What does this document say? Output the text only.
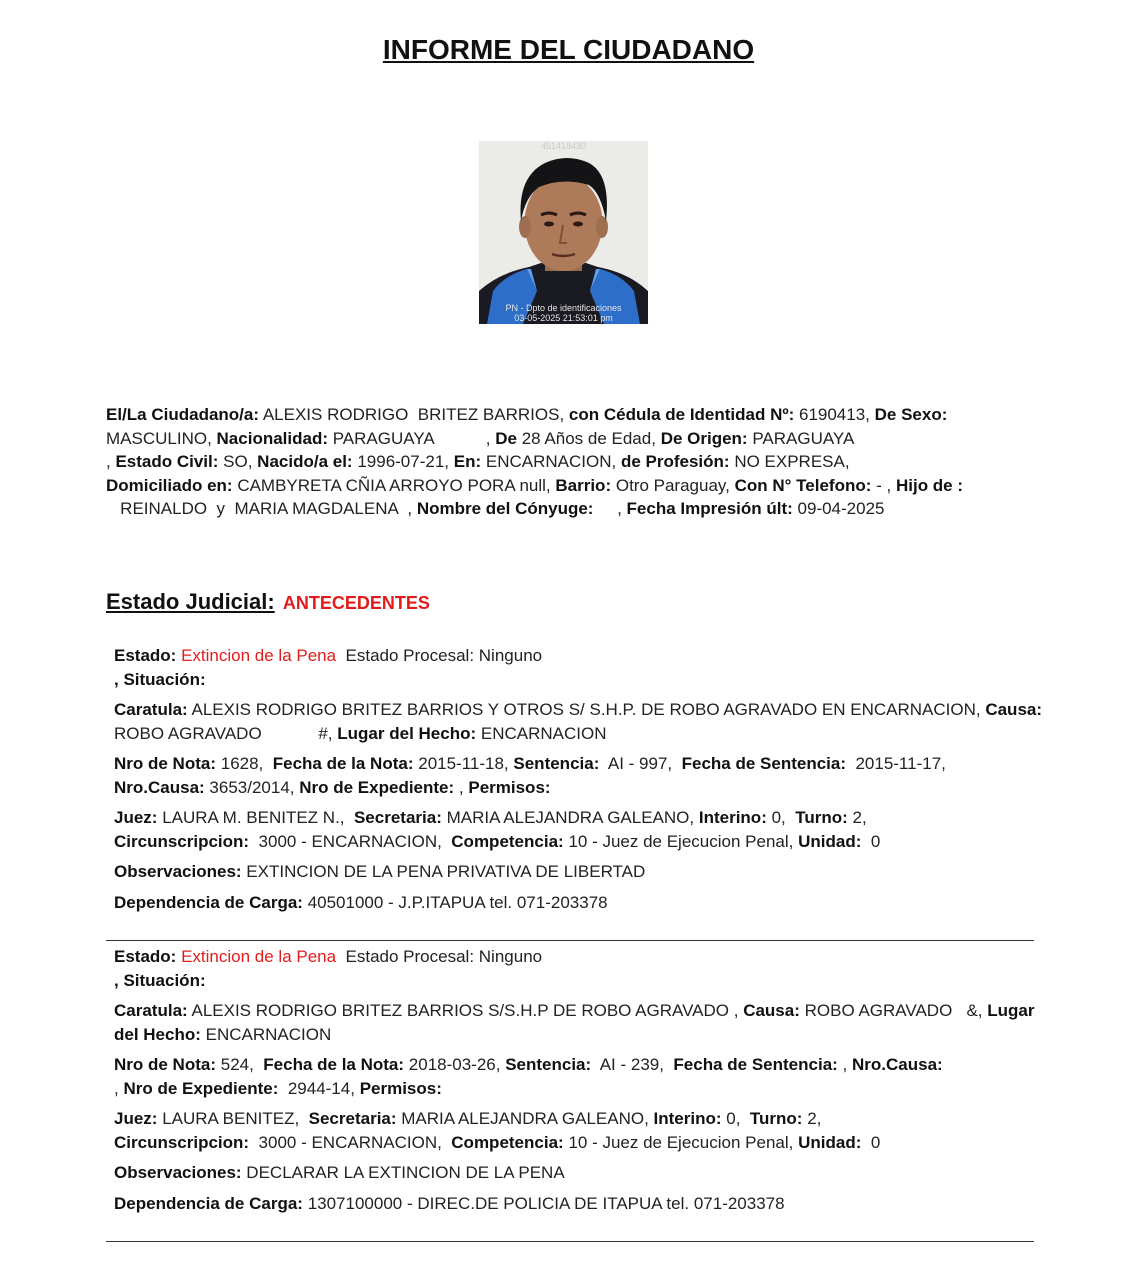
INFORME DEL CIUDADANO
451418430
PN - Dpto de identificaciones
03-05-2025 21:53:01 pm
El/La Ciudadano/a: ALEXIS RODRIGO  BRITEZ BARRIOS, con Cédula de Identidad Nº: 6190413, De Sexo: MASCULINO, Nacionalidad: PARAGUAYA	, De 28 Años de Edad, De Origen: PARAGUAYA
, Estado Civil: SO, Nacido/a el: 1996-07-21, En: ENCARNACION, de Profesión: NO EXPRESA,
Domiciliado en: CAMBYRETA CÑIA ARROYO PORA null, Barrio: Otro Paraguay, Con N° Telefono: - , Hijo de :   REINALDO  y  MARIA MAGDALENA , Nombre del Cónyuge: , Fecha Impresión últ: 09-04-2025
Estado Judicial: ANTECEDENTES

Estado: Extincion de la Pena Estado Procesal: Ninguno
, Situación:

Caratula: ALEXIS RODRIGO BRITEZ BARRIOS Y OTROS S/ S.H.P. DE ROBO AGRAVADO EN ENCARNACION, Causa: ROBO AGRAVADO            #, Lugar del Hecho: ENCARNACION

Nro de Nota: 1628, Fecha de la Nota: 2015-11-18, Sentencia: AI - 997, Fecha de Sentencia: 2015-11-17,
Nro.Causa: 3653/2014, Nro de Expediente: , Permisos:

Juez: LAURA M. BENITEZ N., Secretaria: MARIA ALEJANDRA GALEANO, Interino: 0, Turno: 2,
Circunscripcion: 3000 - ENCARNACION, Competencia: 10 - Juez de Ejecucion Penal, Unidad: 0

Observaciones: EXTINCION DE LA PENA PRIVATIVA DE LIBERTAD

Dependencia de Carga: 40501000 - J.P.ITAPUA tel. 071-203378

Estado: Extincion de la Pena Estado Procesal: Ninguno
, Situación:

Caratula: ALEXIS RODRIGO BRITEZ BARRIOS S/S.H.P DE ROBO AGRAVADO , Causa: ROBO AGRAVADO   &, Lugar del Hecho: ENCARNACION

Nro de Nota: 524, Fecha de la Nota: 2018-03-26, Sentencia: AI - 239, Fecha de Sentencia: , Nro.Causa:
, Nro de Expediente: 2944-14, Permisos:

Juez: LAURA BENITEZ, Secretaria: MARIA ALEJANDRA GALEANO, Interino: 0, Turno: 2,
Circunscripcion: 3000 - ENCARNACION, Competencia: 10 - Juez de Ejecucion Penal, Unidad: 0

Observaciones: DECLARAR LA EXTINCION DE LA PENA

Dependencia de Carga: 1307100000 - DIREC.DE POLICIA DE ITAPUA tel. 071-203378
